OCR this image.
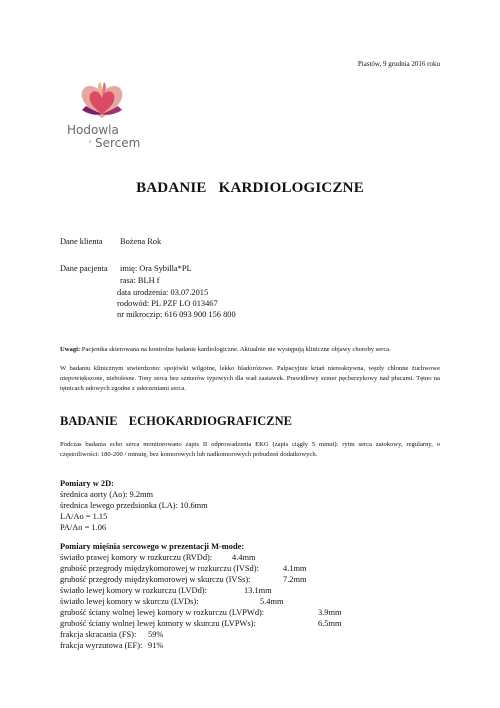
Piastów, 9 grudnia 2016 roku
Hodowla
z Sercem
BADANIE KARDIOLOGICZNE
Dane klienta Bożena Rok
Dane pacjenta imię: Ora Sybilla*PL
rasa: BLH f
data urodzenia: 03.07.2015
rodowód: PL PZF LO 013467
nr mikroczip: 616 093 900 156 800
Uwagi: Pacjentka skierowana na kontrolne badanie kardiologiczne. Aktualnie nie występują kliniczne objawy choroby serca.
W badaniu klinicznym stwierdzono: spojówki wilgotne, lekko bladoróżowe. Palpacyjnie krtań niereaktywna, węzły chłonne żuchwowe niepowiększone, niebolesne. Tony serca bez szmerów typowych dla wad zastawek. Prawidłowy szmer pęcherzykowy nad płucami. Tętno na tętnicach udowych zgodne z uderzeniami serca.
BADANIE ECHOKARDIOGRAFICZNE
Podczas badania echo serca monitorowano zapis II odprowadzenia EKG (zapis ciągły 5 minut): rytm serca zatokowy, regularny, o częstotliwości: 180-200 / minutę, bez komorowych lub nadkomorowych pobudzeń dodatkowych.
Pomiary w 2D:
średnica aorty (Ao): 9.2mm
średnica lewego przedsionka (LA): 10.6mm
LA/Ao = 1.15
PA/Ao = 1.06
Pomiary mięśnia sercowego w prezentacji M-mode:
światło prawej komory w rozkurczu (RVDd): 4.4mm
grubość przegrody międzykomorowej w rozkurczu (IVSd):	4.1mm
grubość przegrody międzykomorowej w skurczu (IVSs):	7.2mm
światło lewej komory w rozkurczu (LVDd):	13.1mm
światło lewej komory w skurczu (LVDs):	5.4mm
grubość ściany wolnej lewej komory w rozkurczu (LVPWd):	3.9mm
grubość ściany wolnej lewej komory w skurczu (LVPWs):	6.5mm
frakcja skracania (FS): 59%
frakcja wyrzutowa (EF): 91%
